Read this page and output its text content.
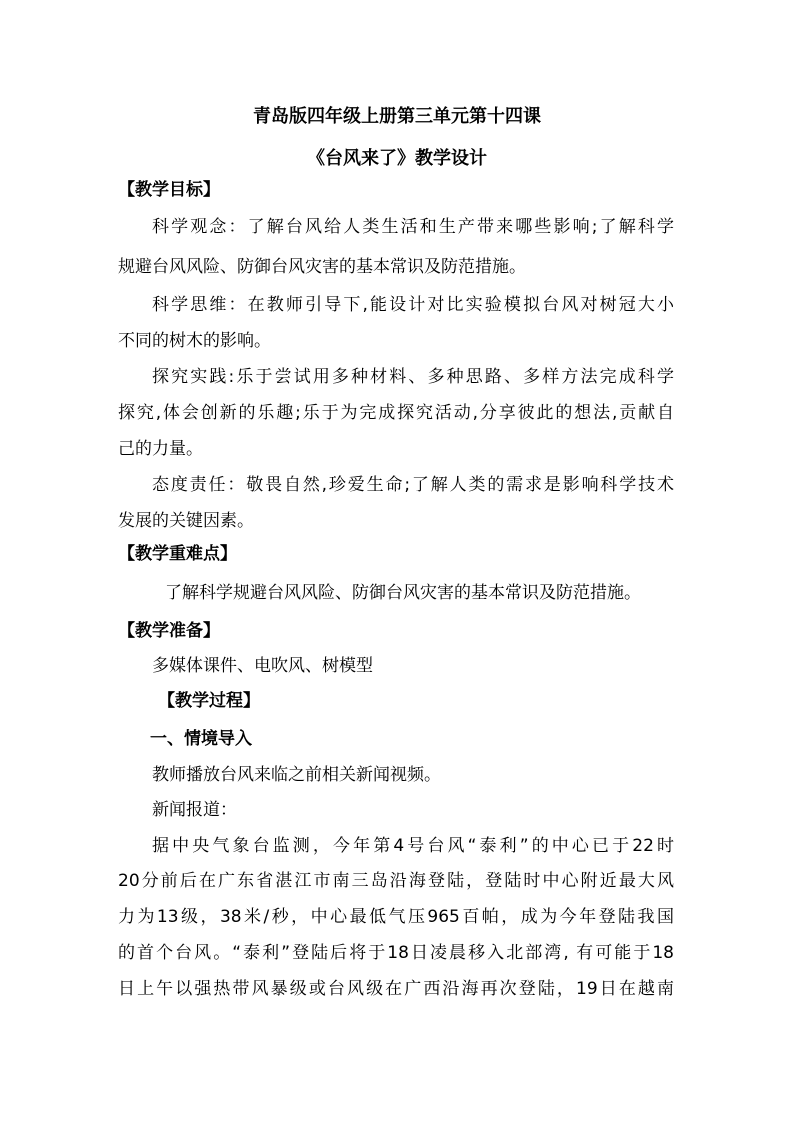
青岛版四年级上册第三单元第十四课
《台风来了》教学设计
【教学目标】
科学观念：了解台风给人类生活和生产带来哪些影响;了解科学
规避台风风险、防御台风灾害的基本常识及防范措施。
科学思维：在教师引导下,能设计对比实验模拟台风对树冠大小
不同的树木的影响。
探究实践:乐于尝试用多种材料、多种思路、多样方法完成科学
探究,体会创新的乐趣;乐于为完成探究活动,分享彼此的想法,贡献自
己的力量。
态度责任：敬畏自然,珍爱生命;了解人类的需求是影响科学技术
发展的关键因素。
【教学重难点】
了解科学规避台风风险、防御台风灾害的基本常识及防范措施。
【教学准备】
多媒体课件、电吹风、树模型
【教学过程】
一、情境导入
教师播放台风来临之前相关新闻视频。
新闻报道：
据中央气象台监测，今年第4号台风“泰利”的中心已于22时
20分前后在广东省湛江市南三岛沿海登陆，登陆时中心附近最大风
力为13级，38米/秒，中心最低气压965百帕，成为今年登陆我国
的首个台风。“泰利”登陆后将于18日凌晨移入北部湾, 有可能于18
日上午以强热带风暴级或台风级在广西沿海再次登陆，19日在越南
